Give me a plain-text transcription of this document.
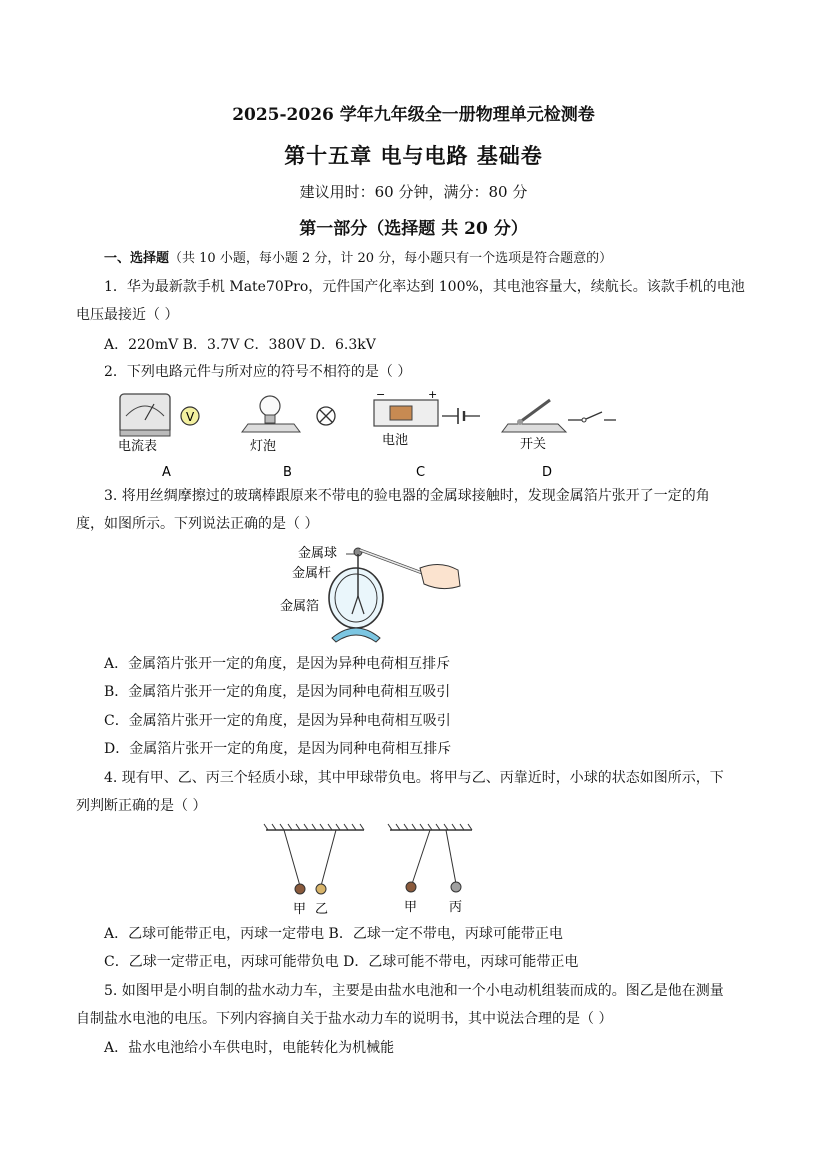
2025-2026 学年九年级全一册物理单元检测卷
第十五章 电与电路 基础卷
建议用时：60 分钟，满分：80 分
第一部分（选择题 共 20 分）
一、选择题（共 10 小题，每小题 2 分，计 20 分，每小题只有一个选项是符合题意的）
1．华为最新款手机 Mate70Pro，元件国产化率达到 100%，其电池容量大，续航长。该款手机的电池
电压最接近（ ）
A．220mV B．3.7V C．380V D．6.3kV
2．下列电路元件与所对应的符号不相符的是（ ）
电流表
V
灯泡
−	+
电池	开关
A	B	C	D
3. 将用丝绸摩擦过的玻璃棒跟原来不带电的验电器的金属球接触时，发现金属箔片张开了一定的角
度，如图所示。下列说法正确的是（ ）
金属球
金属杆
金属箔
A．金属箔片张开一定的角度，是因为异种电荷相互排斥
B．金属箔片张开一定的角度，是因为同种电荷相互吸引
C．金属箔片张开一定的角度，是因为异种电荷相互吸引
D．金属箔片张开一定的角度，是因为同种电荷相互排斥
4. 现有甲、乙、丙三个轻质小球，其中甲球带负电。将甲与乙、丙靠近时，小球的状态如图所示，下
列判断正确的是（ ）
甲 乙	甲 丙
A．乙球可能带正电，丙球一定带电 B．乙球一定不带电，丙球可能带正电
C．乙球一定带正电，丙球可能带负电 D．乙球可能不带电，丙球可能带正电
5. 如图甲是小明自制的盐水动力车，主要是由盐水电池和一个小电动机组装而成的。图乙是他在测量
自制盐水电池的电压。下列内容摘自关于盐水动力车的说明书，其中说法合理的是（ ）
A．盐水电池给小车供电时，电能转化为机械能
